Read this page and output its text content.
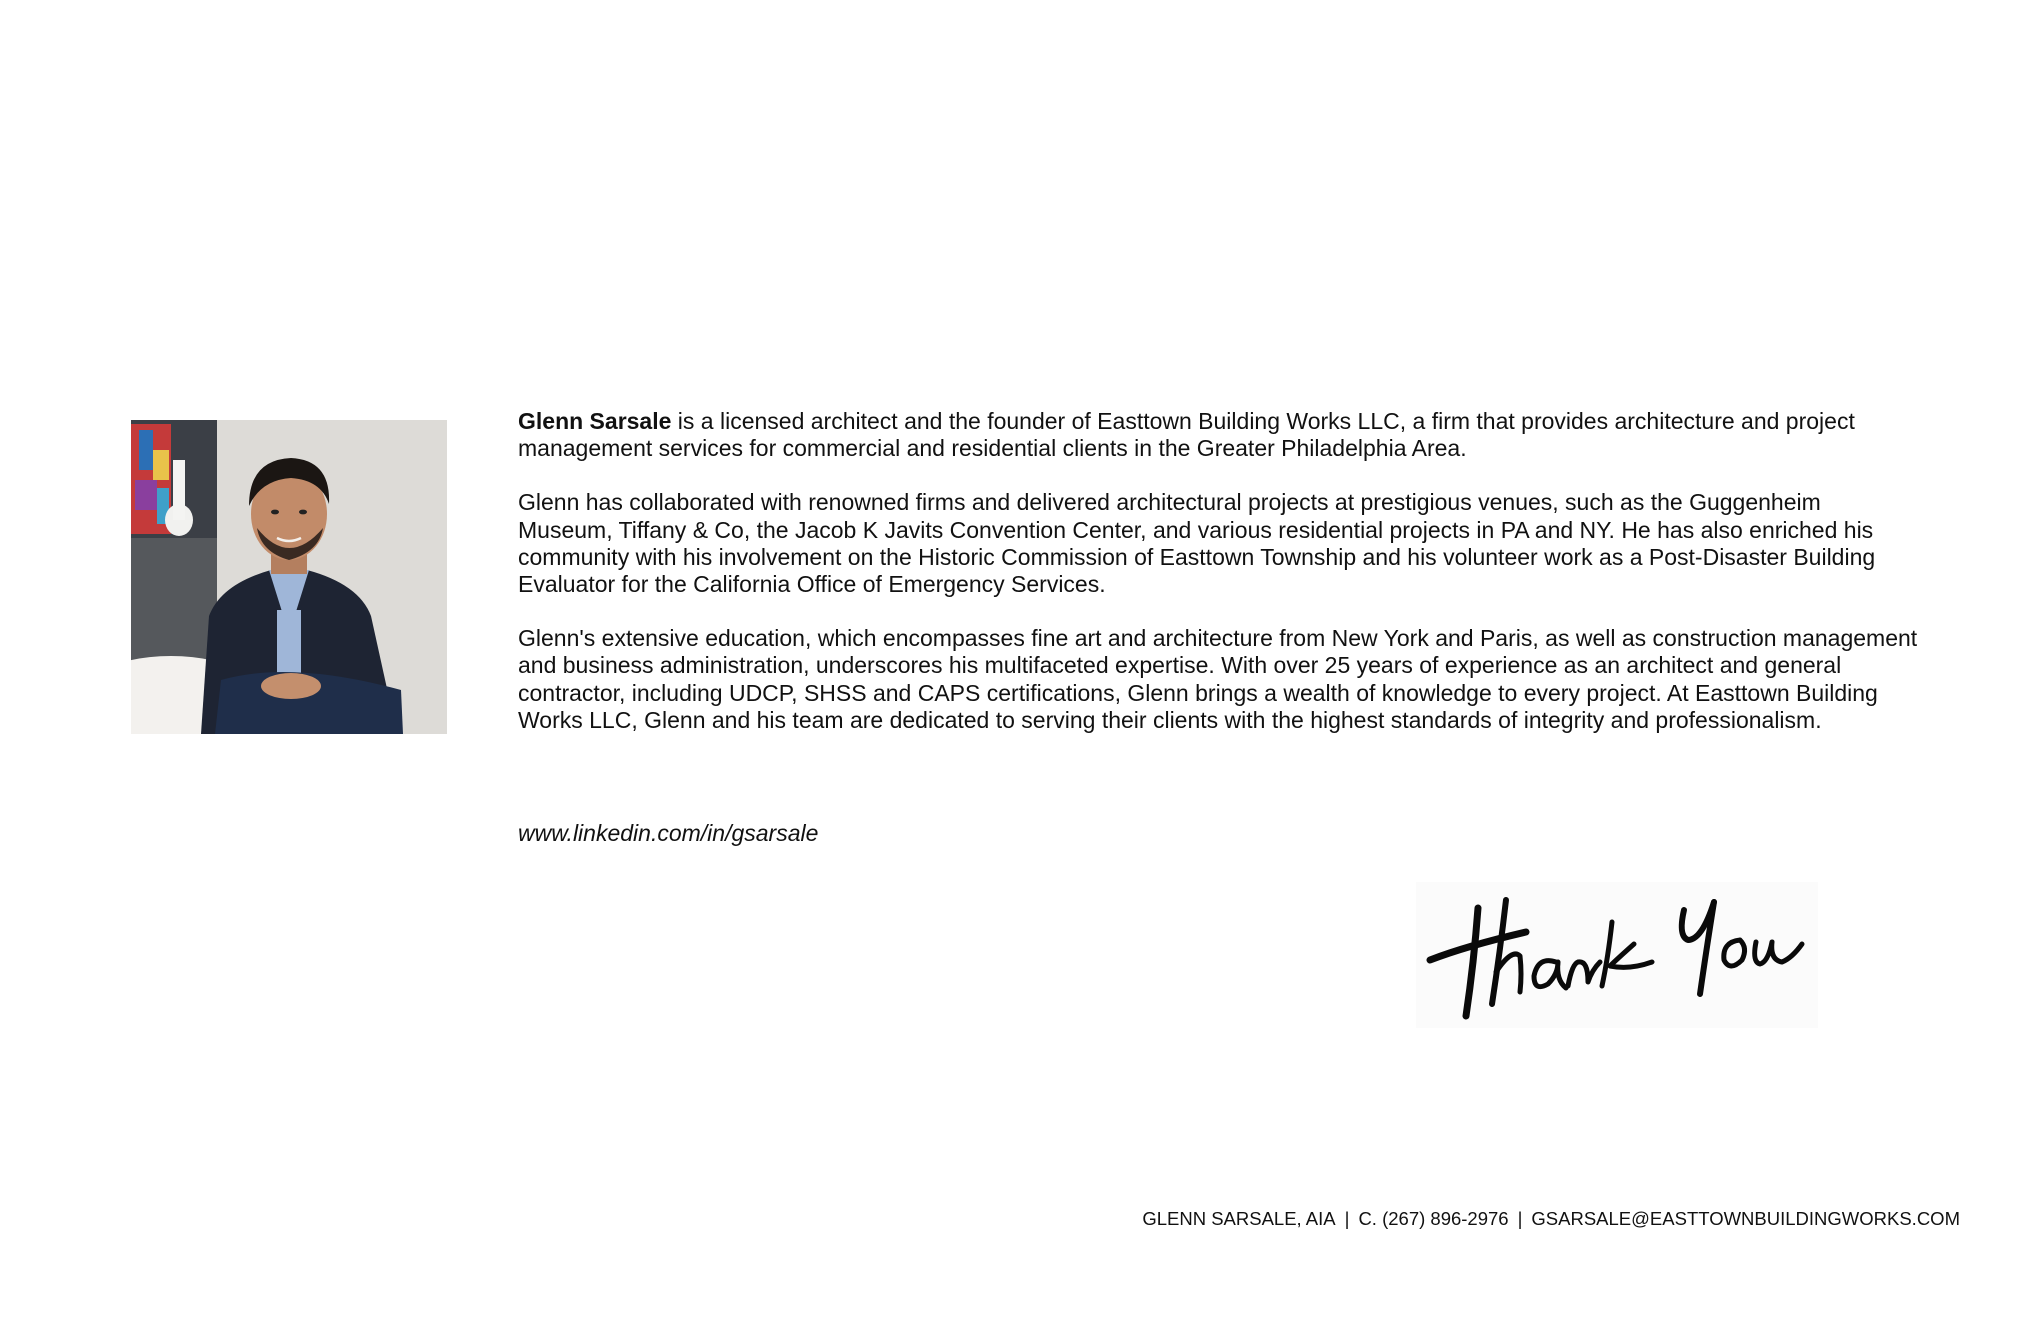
Glenn Sarsale is a licensed architect and the founder of Easttown Building Works LLC, a firm that provides architecture and project management services for commercial and residential clients in the Greater Philadelphia Area.

Glenn has collaborated with renowned firms and delivered architectural projects at prestigious venues, such as the Guggenheim Museum, Tiffany & Co, the Jacob K Javits Convention Center, and various residential projects in PA and NY. He has also enriched his community with his involvement on the Historic Commission of Easttown Township and his volunteer work as a Post-Disaster Building Evaluator for the California Office of Emergency Services.

Glenn's extensive education, which encompasses fine art and architecture from New York and Paris, as well as construction management and business administration, underscores his multifaceted expertise. With over 25 years of experience as an architect and general contractor, including UDCP, SHSS and CAPS certifications, Glenn brings a wealth of knowledge to every project. At Easttown Building Works LLC, Glenn and his team are dedicated to serving their clients with the highest standards of integrity and professionalism.

www.linkedin.com/in/gsarsale
GLENN SARSALE, AIA | C. (267) 896-2976 | GSARSALE@EASTTOWNBUILDINGWORKS.COM
